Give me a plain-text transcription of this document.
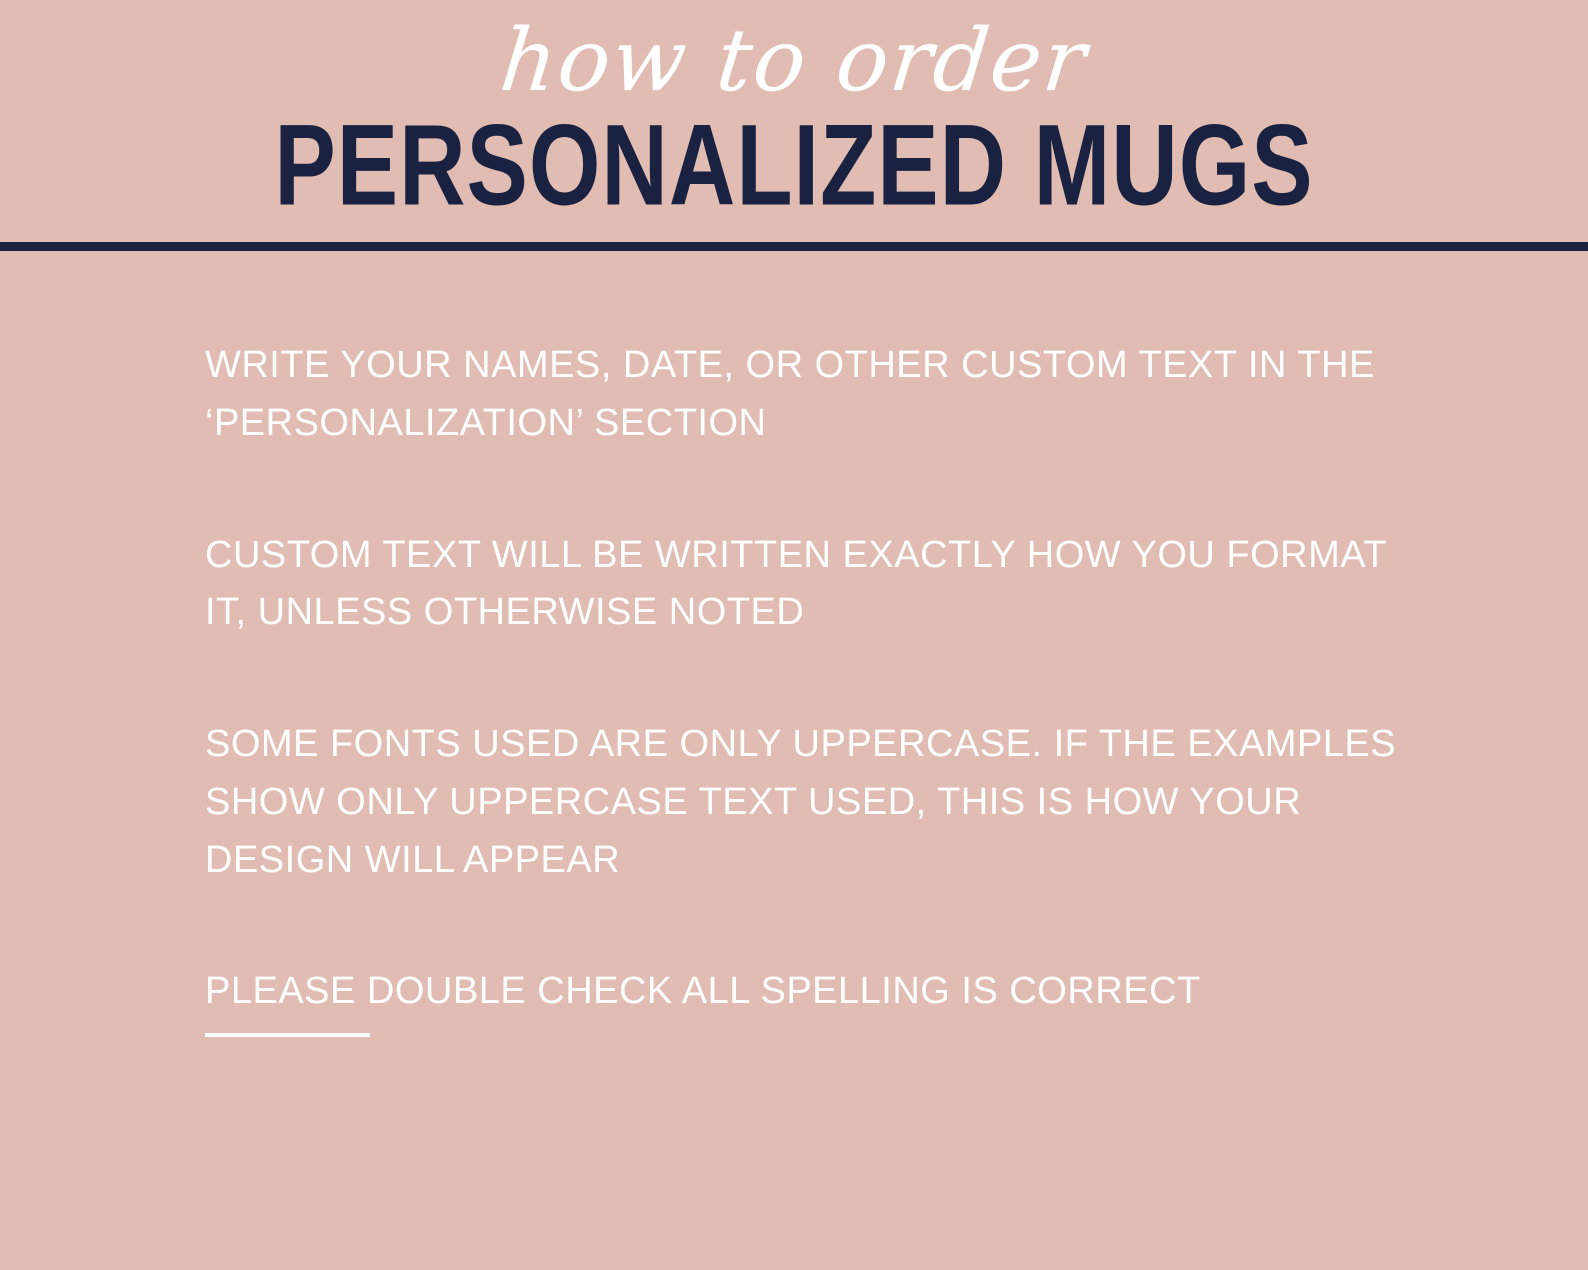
how to order
PERSONALIZED MUGS

WRITE YOUR NAMES, DATE, OR OTHER CUSTOM TEXT IN THE ‘PERSONALIZATION’ SECTION

CUSTOM TEXT WILL BE WRITTEN EXACTLY HOW YOU FORMAT IT, UNLESS OTHERWISE NOTED

SOME FONTS USED ARE ONLY UPPERCASE. IF THE EXAMPLES SHOW ONLY UPPERCASE TEXT USED, THIS IS HOW YOUR DESIGN WILL APPEAR

PLEASE DOUBLE CHECK ALL SPELLING IS CORRECT
